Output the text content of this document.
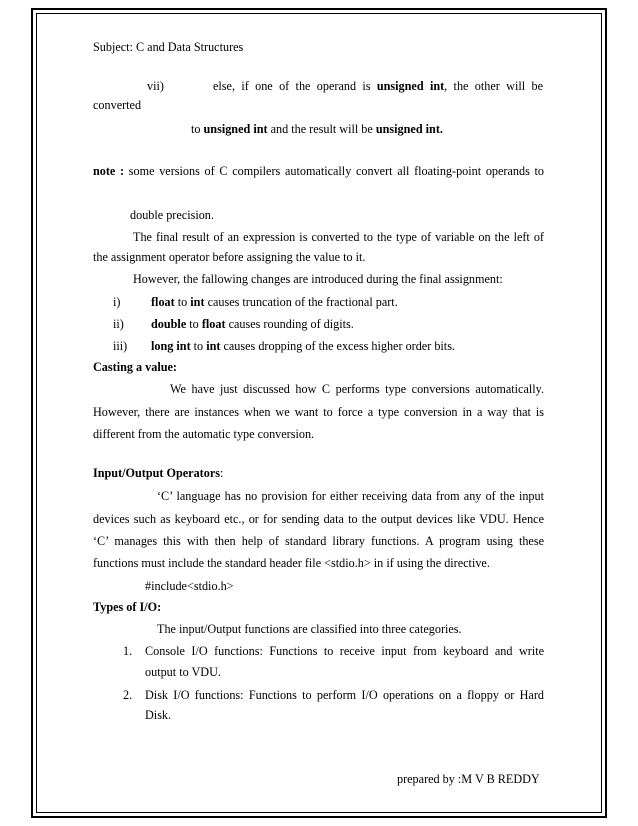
Subject: C and Data Structures
vii)	else, if one of the operand is unsigned int, the other will be
converted
to unsigned int and the result will be unsigned int.
note : some versions of C compilers automatically convert all floating-point operands to
double precision.
The final result of an expression is converted to the type of variable on the left of
the assignment operator before assigning the value to it.
However, the fallowing changes are introduced during the final assignment:
i)	float to int causes truncation of the fractional part.
ii) double to float causes rounding of digits.
iii) long int to int causes dropping of the excess higher order bits.
Casting a value:
We have just discussed how C performs type conversions automatically.
However, there are instances when we want to force a type conversion in a way that is
different from the automatic type conversion.
Input/Output Operators:
‘C’ language has no provision for either receiving data from any of the input
devices such as keyboard etc., or for sending data to the output devices like VDU. Hence
‘C’ manages this with then help of standard library functions. A program using these
functions must include the standard header file <stdio.h> in if using the directive.
#include<stdio.h>
Types of I/O:
The input/Output functions are classified into three categories.
1. Console I/O functions: Functions to receive input from keyboard and write
output to VDU.
2. Disk I/O functions: Functions to perform I/O operations on a floppy or Hard
Disk.
prepared by :M V B REDDY
